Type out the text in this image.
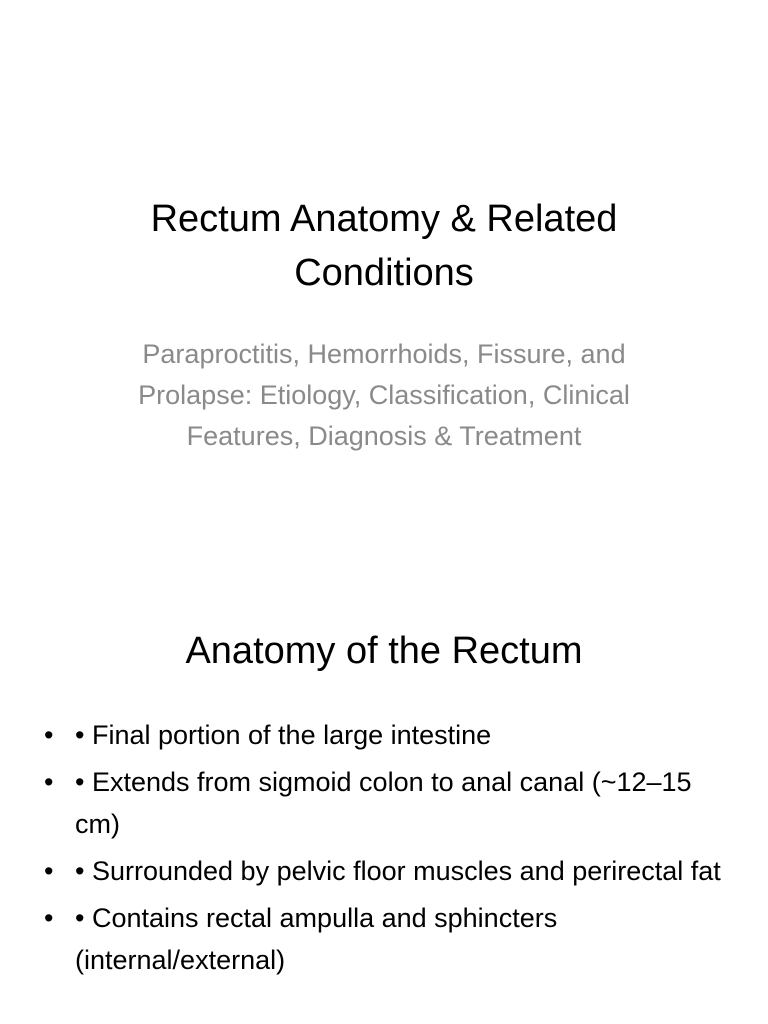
Rectum Anatomy & Related Conditions

Paraproctitis, Hemorrhoids, Fissure, and Prolapse: Etiology, Classification, Clinical Features, Diagnosis & Treatment

Anatomy of the Rectum
• • Final portion of the large intestine
• • Extends from sigmoid colon to anal canal (~12–15 cm)
• • Surrounded by pelvic floor muscles and perirectal fat
• • Contains rectal ampulla and sphincters (internal/external)
